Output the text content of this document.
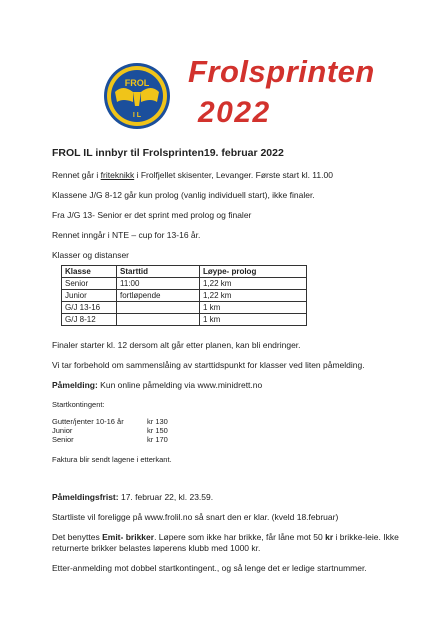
FROL
I L
Frolsprinten
2022
FROL IL innbyr til Frolsprinten19. februar 2022
Rennet går i friteknikk i Frolfjellet skisenter, Levanger. Første start kl. 11.00
Klassene J/G 8-12 går kun prolog (vanlig individuell start), ikke finaler.
Fra J/G 13- Senior er det sprint med prolog og finaler
Rennet inngår i NTE – cup for 13-16 år.
Klasser og distanser
Klasse	Starttid	Løype- prolog
Senior	11:00	1,22 km
Junior	fortløpende	1,22 km
G/J 13-16		1 km
G/J 8-12		1 km
Finaler starter kl. 12 dersom alt går etter planen, kan bli endringer.
Vi tar forbehold om sammenslåing av starttidspunkt for klasser ved liten påmelding.
Påmelding: Kun online påmelding via www.minidrett.no
Startkontingent:
Gutter/jenter 10-16 år	kr 130
Junior	kr 150
Senior	kr 170
Faktura blir sendt lagene i etterkant.
Påmeldingsfrist: 17. februar 22, kl. 23.59.
Startliste vil foreligge på www.frolil.no så snart den er klar. (kveld 18.februar)
Det benyttes Emit- brikker. Løpere som ikke har brikke, får låne mot 50 kr i brikke-leie. Ikke returnerte brikker belastes løperens klubb med 1000 kr.
Etter-anmelding mot dobbel startkontingent., og så lenge det er ledige startnummer.
